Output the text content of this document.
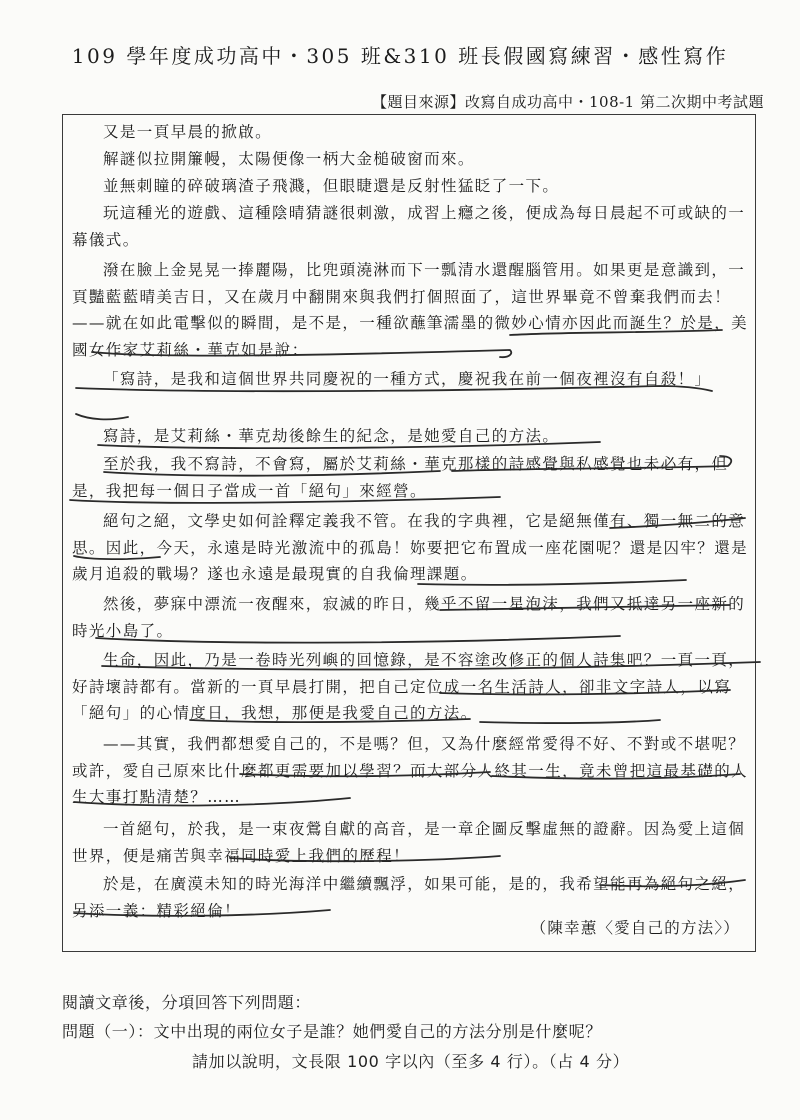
109 學年度成功高中・305 班&310 班長假國寫練習・感性寫作
【題目來源】改寫自成功高中・108-1 第二次期中考試題

又是一頁早晨的掀啟。

解謎似拉開簾幔，太陽便像一柄大金槌破窗而來。

並無刺瞳的碎破璃渣子飛濺，但眼睫還是反射性猛眨了一下。

玩這種光的遊戲、這種陰晴猜謎很刺激，成習上癮之後，便成為每日晨起不可或缺的一幕儀式。

潑在臉上金晃晃一捧麗陽，比兜頭澆淋而下一瓢清水還醒腦管用。如果更是意識到，一頁豔藍藍晴美吉日，又在歲月中翻開來與我們打個照面了，這世界畢竟不曾棄我們而去！——就在如此電擊似的瞬間，是不是，一種欲蘸筆濡墨的微妙心情亦因此而誕生？於是，美國女作家艾莉絲・華克如是說：

「寫詩，是我和這個世界共同慶祝的一種方式，慶祝我在前一個夜裡沒有自殺！」

寫詩，是艾莉絲・華克劫後餘生的紀念，是她愛自己的方法。

至於我，我不寫詩，不會寫，屬於艾莉絲・華克那樣的詩感覺與私感覺也未必有，但是，我把每一個日子當成一首「絕句」來經營。

絕句之絕，文學史如何詮釋定義我不管。在我的字典裡，它是絕無僅有、獨一無二的意思。因此，今天，永遠是時光激流中的孤島！妳要把它布置成一座花園呢？還是囚牢？還是歲月追殺的戰場？遂也永遠是最現實的自我倫理課題。

然後，夢寐中漂流一夜醒來，寂滅的昨日，幾乎不留一星泡沫，我們又抵達另一座新的時光小島了。

生命，因此，乃是一卷時光列嶼的回憶錄，是不容塗改修正的個人詩集吧？一頁一頁，好詩壞詩都有。當新的一頁早晨打開，把自己定位成一名生活詩人，卻非文字詩人，以寫「絕句」的心情度日，我想，那便是我愛自己的方法。

——其實，我們都想愛自己的，不是嗎？但，又為什麼經常愛得不好、不對或不堪呢？或許，愛自己原來比什麼都更需要加以學習？而大部分人終其一生，竟未曾把這最基礎的人生大事打點清楚？……

一首絕句，於我，是一束夜鶯自獻的高音，是一章企圖反擊虛無的證辭。因為愛上這個世界，便是痛苦與幸福同時愛上我們的歷程！

於是，在廣漠未知的時光海洋中繼續飄浮，如果可能，是的，我希望能再為絕句之絕，另添一義：精彩絕倫！

（陳幸蕙〈愛自己的方法〉）
閱讀文章後，分項回答下列問題：
問題（一）：文中出現的兩位女子是誰？她們愛自己的方法分別是什麼呢？
請加以說明，文長限 100 字以內（至多 4 行）。（占 4 分）
